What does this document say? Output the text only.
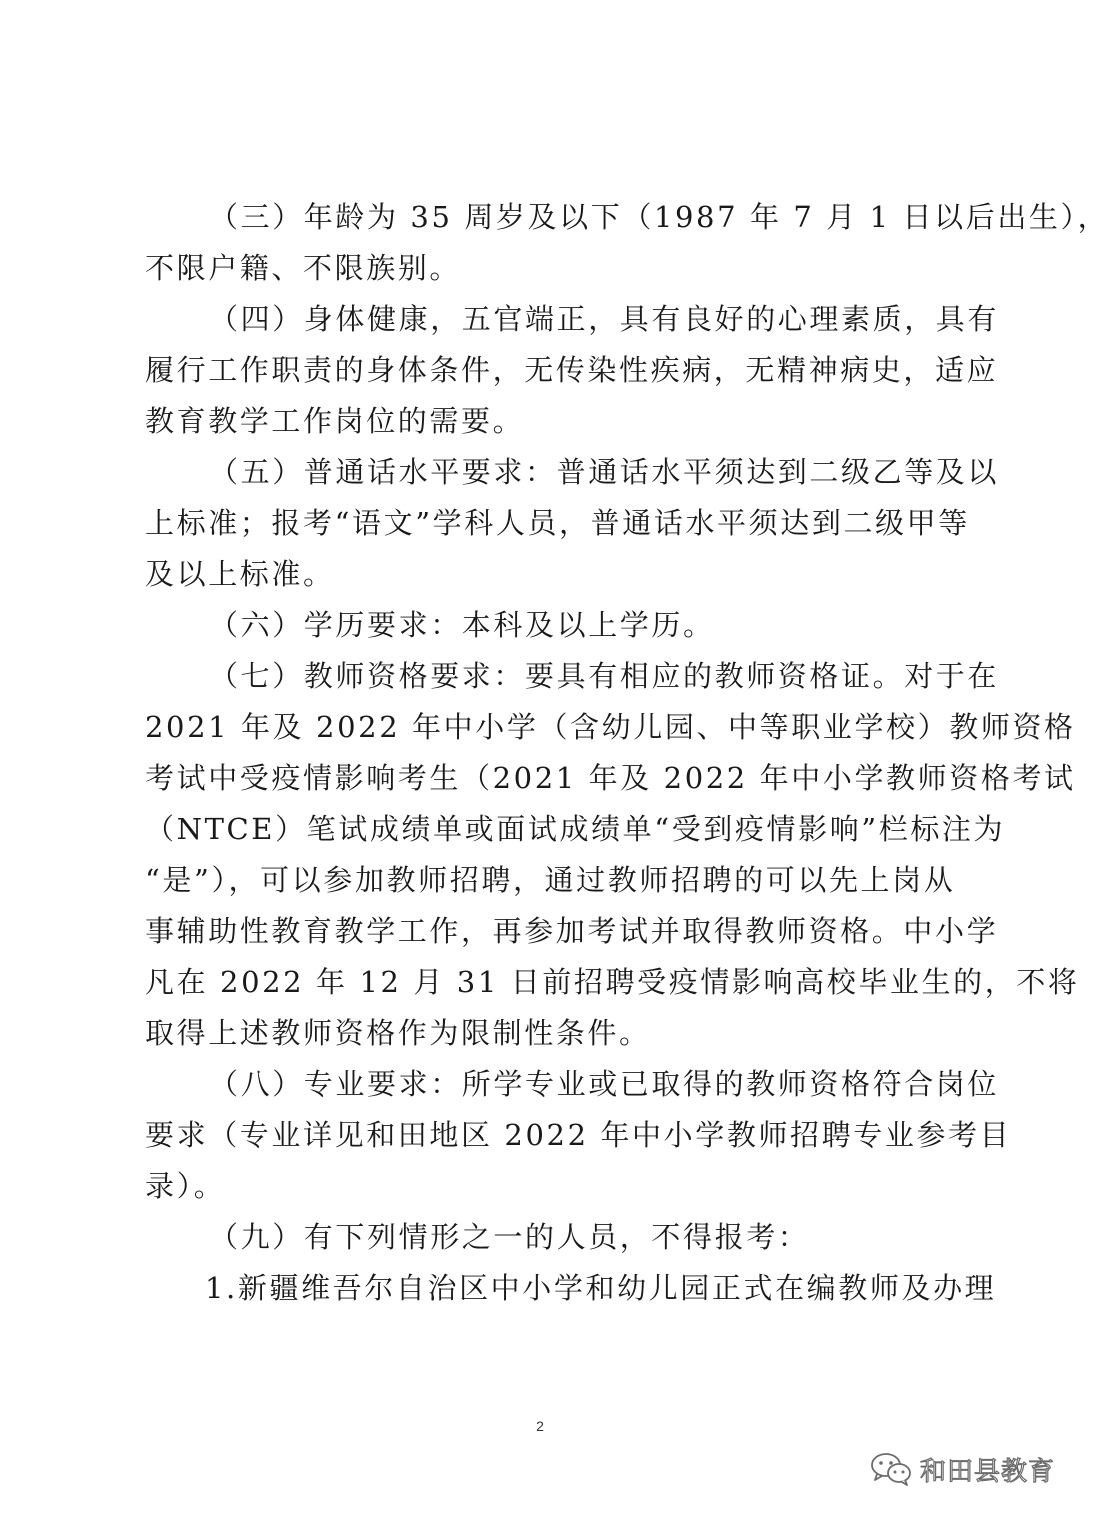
（三）年龄为 35 周岁及以下（1987 年 7 月 1 日以后出生），
不限户籍、不限族别。
（四）身体健康，五官端正，具有良好的心理素质，具有
履行工作职责的身体条件，无传染性疾病，无精神病史，适应
教育教学工作岗位的需要。
（五）普通话水平要求：普通话水平须达到二级乙等及以
上标准；报考“语文”学科人员，普通话水平须达到二级甲等
及以上标准。
（六）学历要求：本科及以上学历。
（七）教师资格要求：要具有相应的教师资格证。对于在
2021 年及 2022 年中小学（含幼儿园、中等职业学校）教师资格
考试中受疫情影响考生（2021 年及 2022 年中小学教师资格考试
（NTCE）笔试成绩单或面试成绩单“受到疫情影响”栏标注为
“是”），可以参加教师招聘，通过教师招聘的可以先上岗从
事辅助性教育教学工作，再参加考试并取得教师资格。中小学
凡在 2022 年 12 月 31 日前招聘受疫情影响高校毕业生的，不将
取得上述教师资格作为限制性条件。
（八）专业要求：所学专业或已取得的教师资格符合岗位
要求（专业详见和田地区 2022 年中小学教师招聘专业参考目
录）。
（九）有下列情形之一的人员，不得报考：
1.新疆维吾尔自治区中小学和幼儿园正式在编教师及办理
2
和田县教育
